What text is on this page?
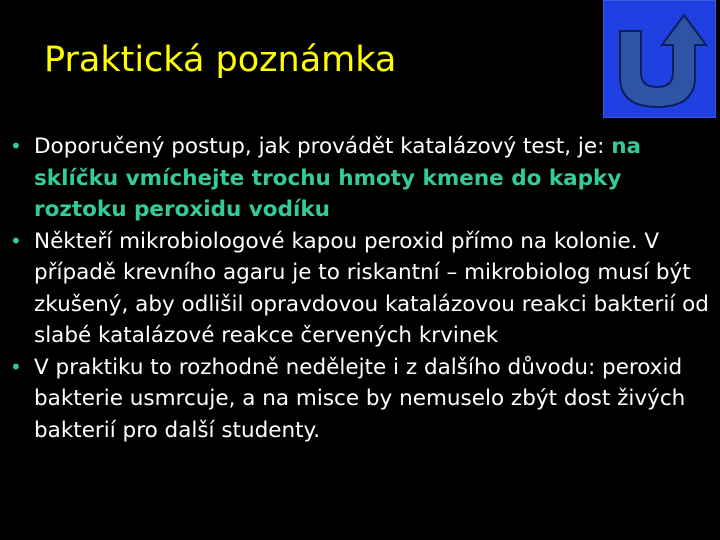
Praktická poznámka
• Doporučený postup, jak provádět katalázový test, je: na sklíčku vmíchejte trochu hmoty kmene do kapky roztoku peroxidu vodíku
• Někteří mikrobiologové kapou peroxid přímo na kolonie. V případě krevního agaru je to riskantní – mikrobiolog musí být zkušený, aby odlišil opravdovou katalázovou reakci bakterií od slabé katalázové reakce červených krvinek
• V praktiku to rozhodně nedělejte i z dalšího důvodu: peroxid bakterie usmrcuje, a na misce by nemuselo zbýt dost živých bakterií pro další studenty.
